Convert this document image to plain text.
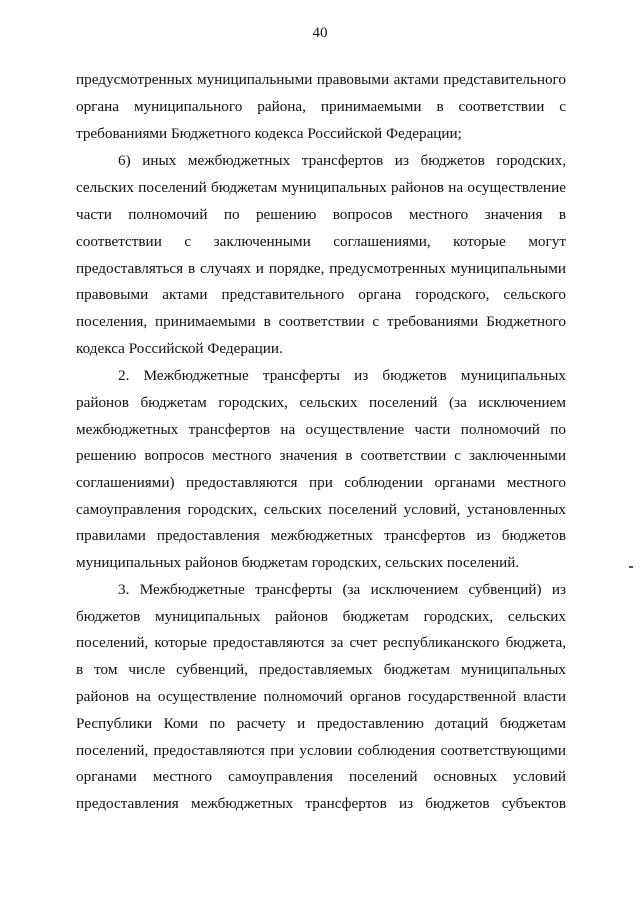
40
предусмотренных муниципальными правовыми актами представительного
органа муниципального района, принимаемыми в соответствии с
требованиями Бюджетного кодекса Российской Федерации;
6) иных межбюджетных трансфертов из бюджетов городских,
сельских поселений бюджетам муниципальных районов на осуществление
части полномочий по решению вопросов местного значения в
соответствии с заключенными соглашениями, которые могут
предоставляться в случаях и порядке, предусмотренных муниципальными
правовыми актами представительного органа городского, сельского
поселения, принимаемыми в соответствии с требованиями Бюджетного
кодекса Российской Федерации.
2. Межбюджетные трансферты из бюджетов муниципальных
районов бюджетам городских, сельских поселений (за исключением
межбюджетных трансфертов на осуществление части полномочий по
решению вопросов местного значения в соответствии с заключенными
соглашениями) предоставляются при соблюдении органами местного
самоуправления городских, сельских поселений условий, установленных
правилами предоставления межбюджетных трансфертов из бюджетов
муниципальных районов бюджетам городских, сельских поселений.
3. Межбюджетные трансферты (за исключением субвенций) из
бюджетов муниципальных районов бюджетам городских, сельских
поселений, которые предоставляются за счет республиканского бюджета,
в том числе субвенций, предоставляемых бюджетам муниципальных
районов на осуществление полномочий органов государственной власти
Республики Коми по расчету и предоставлению дотаций бюджетам
поселений, предоставляются при условии соблюдения соответствующими
органами местного самоуправления поселений основных условий
предоставления межбюджетных трансфертов из бюджетов субъектов
